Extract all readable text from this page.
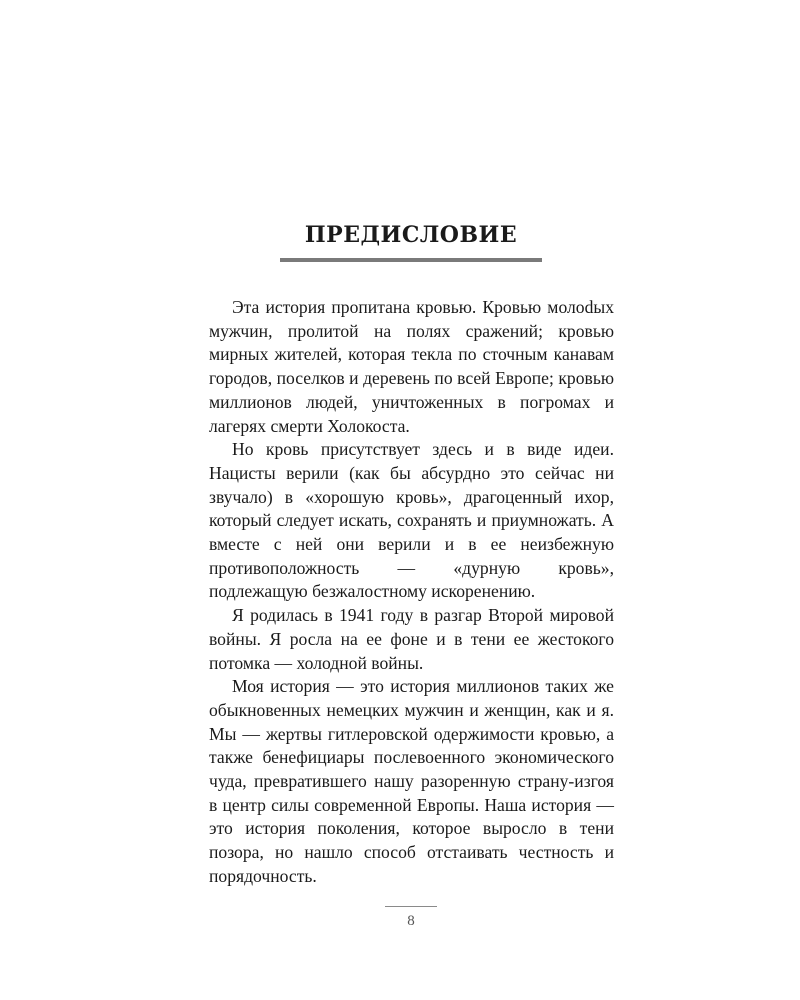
ПРЕДИСЛОВИЕ

Эта история пропитана кровью. Кровью молоdых мужчин, пролитой на полях сражений; кровью мирных жителей, которая текла по сточным канавам городов, поселков и деревень по всей Европе; кровью миллионов людей, уничтоженных в погромах и лагерях смерти Холокоста.

Но кровь присутствует здесь и в виде идеи. Нацисты верили (как бы абсурдно это сейчас ни звучало) в «хорошую кровь», драгоценный ихор, который следует искать, сохранять и приумножать. А вместе с ней они верили и в ее неизбежную противоположность — «дурную кровь», подлежащую безжалостному искоренению.

Я родилась в 1941 году в разгар Второй мировой войны. Я росла на ее фоне и в тени ее жестокого потомка — холодной войны.

Моя история — это история миллионов таких же обыкновенных немецких мужчин и женщин, как и я. Мы — жертвы гитлеровской одержимости кровью, а также бенефициары послевоенного экономического чуда, превратившего нашу разоренную страну-изгоя в центр силы современной Европы. Наша история — это история поколения, которое выросло в тени позора, но нашло способ отстаивать честность и порядочность.

8
